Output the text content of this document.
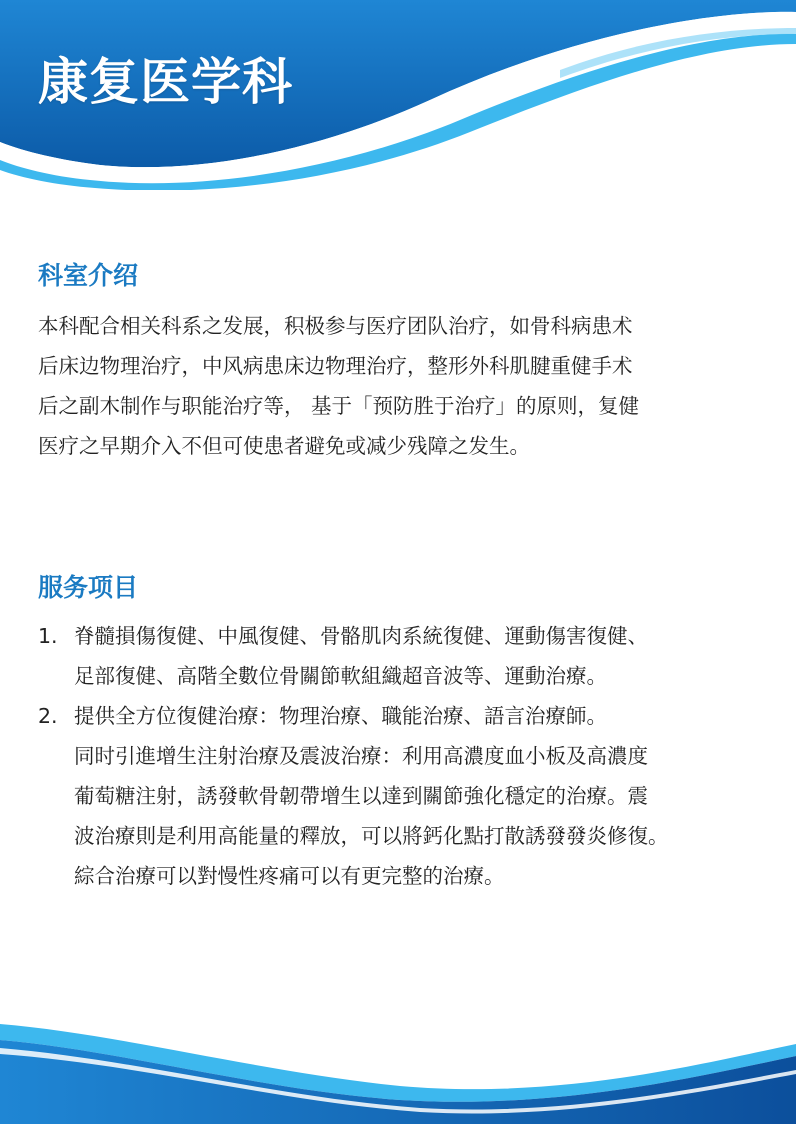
康复医学科
科室介绍
本科配合相关科系之发展，积极参与医疗团队治疗，如骨科病患术
后床边物理治疗，中风病患床边物理治疗，整形外科肌腱重健手术
后之副木制作与职能治疗等， 基于「预防胜于治疗」的原则，复健
医疗之早期介入不但可使患者避免或减少残障之发生。
服务项目
1. 脊髓損傷復健、中風復健、骨骼肌肉系統復健、運動傷害復健、
足部復健、高階全數位骨關節軟組織超音波等、運動治療。
2. 提供全方位復健治療：物理治療、職能治療、語言治療師。
同时引進增生注射治療及震波治療：利用高濃度血小板及高濃度
葡萄糖注射，誘發軟骨韌帶增生以達到關節強化穩定的治療。震
波治療則是利用高能量的釋放，可以將鈣化點打散誘發發炎修復。
綜合治療可以對慢性疼痛可以有更完整的治療。
